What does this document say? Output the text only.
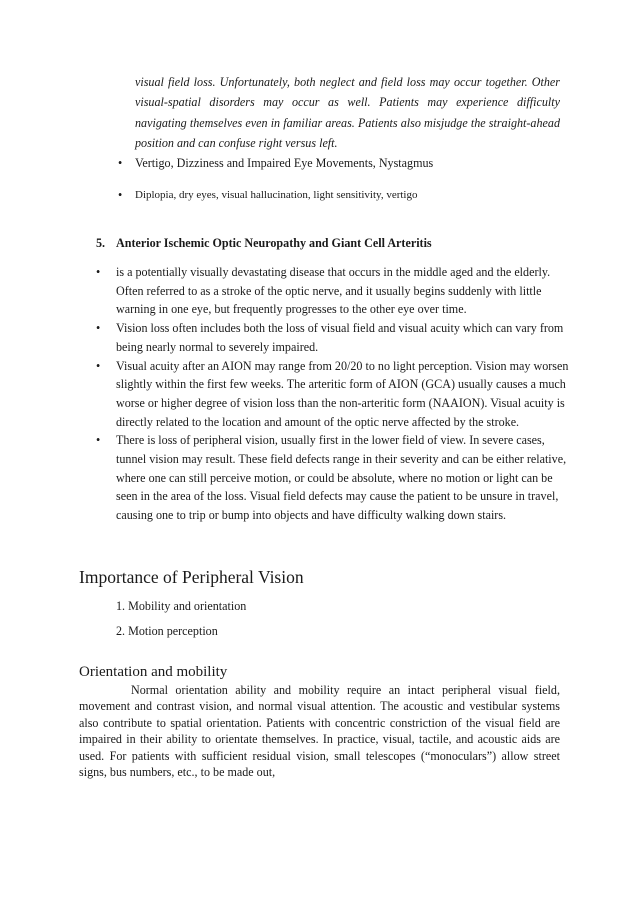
visual field loss. Unfortunately, both neglect and field loss may occur together. Other visual-spatial disorders may occur as well. Patients may experience difficulty navigating themselves even in familiar areas. Patients also misjudge the straight-ahead position and can confuse right versus left.

• Vertigo, Dizziness and Impaired Eye Movements, Nystagmus
• Diplopia, dry eyes, visual hallucination, light sensitivity, vertigo
5. Anterior Ischemic Optic Neuropathy and Giant Cell Arteritis
• is a potentially visually devastating disease that occurs in the middle aged and the elderly. Often referred to as a stroke of the optic nerve, and it usually begins suddenly with little warning in one eye, but frequently progresses to the other eye over time.
• Vision loss often includes both the loss of visual field and visual acuity which can vary from being nearly normal to severely impaired.
• Visual acuity after an AION may range from 20/20 to no light perception. Vision may worsen slightly within the first few weeks. The arteritic form of AION (GCA) usually causes a much worse or higher degree of vision loss than the non-arteritic form (NAAION). Visual acuity is directly related to the location and amount of the optic nerve affected by the stroke.
• There is loss of peripheral vision, usually first in the lower field of view. In severe cases, tunnel vision may result. These field defects range in their severity and can be either relative, where one can still perceive motion, or could be absolute, where no motion or light can be seen in the area of the loss. Visual field defects may cause the patient to be unsure in travel, causing one to trip or bump into objects and have difficulty walking down stairs.
Importance of Peripheral Vision
1. Mobility and orientation
2. Motion perception
Orientation and mobility

Normal orientation ability and mobility require an intact peripheral visual field, movement and contrast vision, and normal visual attention. The acoustic and vestibular systems also contribute to spatial orientation. Patients with concentric constriction of the visual field are impaired in their ability to orientate themselves. In practice, visual, tactile, and acoustic aids are used. For patients with sufficient residual vision, small telescopes (“monoculars”) allow street signs, bus numbers, etc., to be made out,
